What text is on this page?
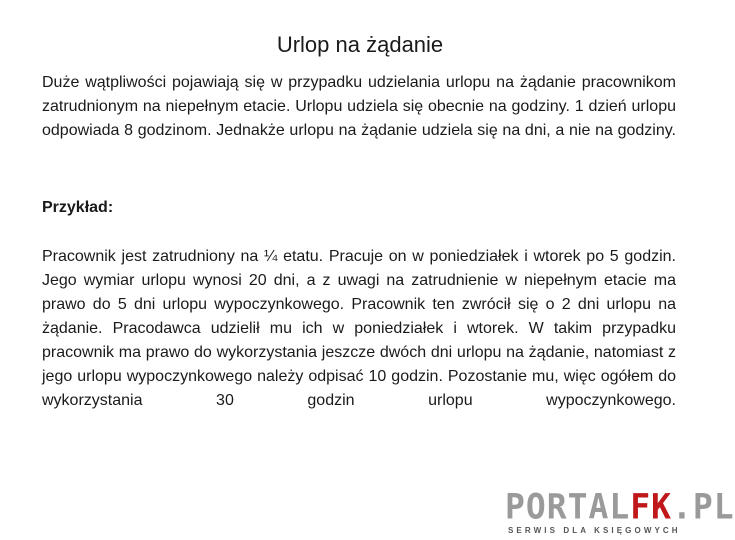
Urlop na żądanie

Duże wątpliwości pojawiają się w przypadku udzielania urlopu na żądanie pracownikom zatrudnionym na niepełnym etacie. Urlopu udziela się obecnie na godziny. 1 dzień urlopu odpowiada 8 godzinom. Jednakże urlopu na żądanie udziela się na dni, a nie na godziny.

Przykład:

Pracownik jest zatrudniony na ¼ etatu. Pracuje on w poniedziałek i wtorek po 5 godzin. Jego wymiar urlopu wynosi 20 dni, a z uwagi na zatrudnienie w niepełnym etacie ma prawo do 5 dni urlopu wypoczynkowego. Pracownik ten zwrócił się o 2 dni urlopu na żądanie. Pracodawca udzielił mu ich w poniedziałek i wtorek. W takim przypadku pracownik ma prawo do wykorzystania jeszcze dwóch dni urlopu na żądanie, natomiast z jego urlopu wypoczynkowego należy odpisać 10 godzin. Pozostanie mu, więc ogółem do wykorzystania 30 godzin urlopu wypoczynkowego.

PORTALFK.PL
SERWIS DLA KSIĘGOWYCH
